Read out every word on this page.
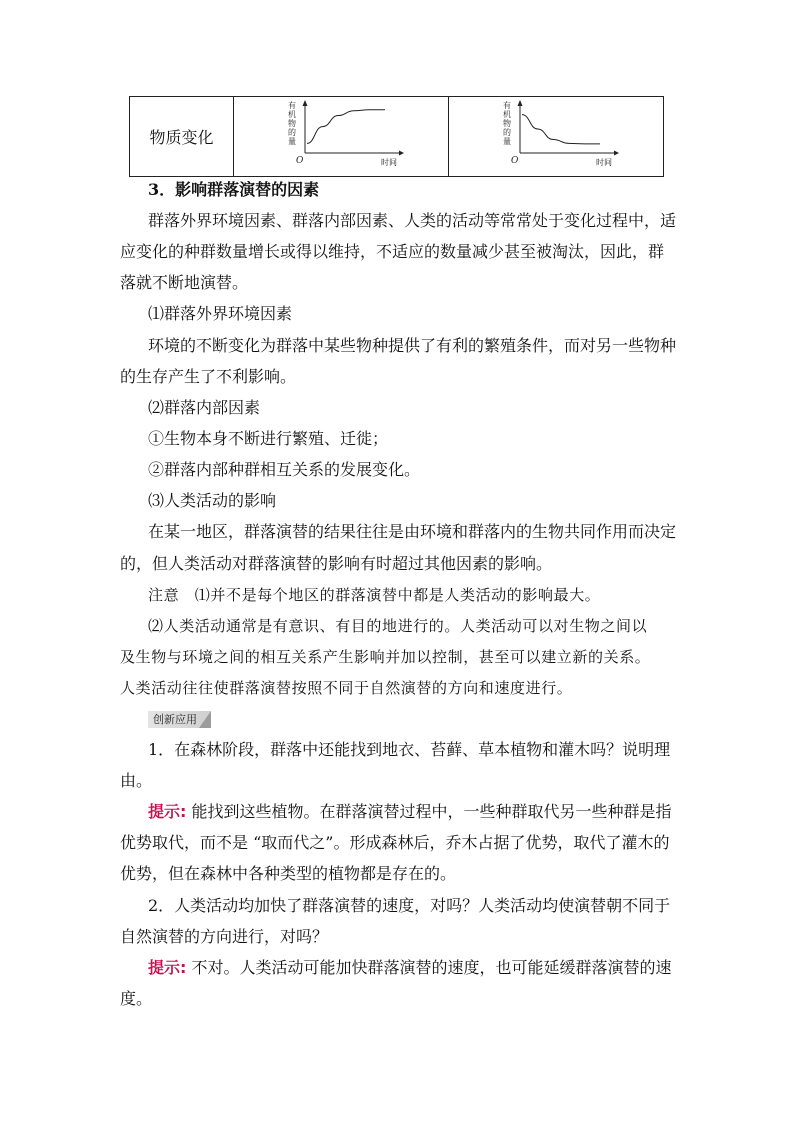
物质变化
有
机
物
的
量
O	时间
有
机
物
的
量
O	时间
3．影响群落演替的因素
群落外界环境因素、群落内部因素、人类的活动等常常处于变化过程中，适
应变化的种群数量增长或得以维持，不适应的数量减少甚至被淘汰，因此，群
落就不断地演替。
⑴群落外界环境因素
环境的不断变化为群落中某些物种提供了有利的繁殖条件，而对另一些物种
的生存产生了不利影响。
⑵群落内部因素
①生物本身不断进行繁殖、迁徙；
②群落内部种群相互关系的发展变化。
⑶人类活动的影响
在某一地区，群落演替的结果往往是由环境和群落内的生物共同作用而决定
的，但人类活动对群落演替的影响有时超过其他因素的影响。
注意　⑴并不是每个地区的群落演替中都是人类活动的影响最大。
⑵人类活动通常是有意识、有目的地进行的。人类活动可以对生物之间以
及生物与环境之间的相互关系产生影响并加以控制，甚至可以建立新的关系。
人类活动往往使群落演替按照不同于自然演替的方向和速度进行。
创新应用
1．在森林阶段，群落中还能找到地衣、苔藓、草本植物和灌木吗？说明理
由。
提示: 能找到这些植物。在群落演替过程中，一些种群取代另一些种群是指
优势取代，而不是 “取而代之”。形成森林后，乔木占据了优势，取代了灌木的
优势，但在森林中各种类型的植物都是存在的。
2．人类活动均加快了群落演替的速度，对吗？人类活动均使演替朝不同于
自然演替的方向进行，对吗？
提示: 不对。人类活动可能加快群落演替的速度，也可能延缓群落演替的速
度。
